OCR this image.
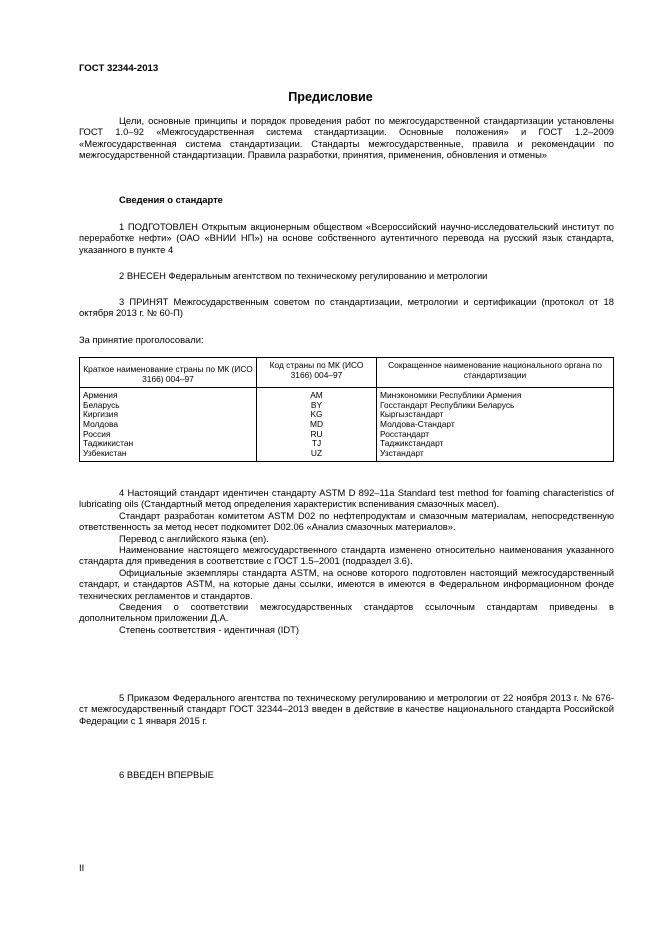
ГОСТ 32344-2013
Предисловие
Цели, основные принципы и порядок проведения работ по межгосударственной стандартизации установлены ГОСТ 1.0–92 «Межгосударственная система стандартизации. Основные положения» и ГОСТ 1.2–2009 «Межгосударственная система стандартизации. Стандарты межгосударственные, правила и рекомендации по межгосударственной стандартизации. Правила разработки, принятия, применения, обновления и отмены»
Сведения о стандарте
1 ПОДГОТОВЛЕН Открытым акционерным обществом «Всероссийский научно-исследовательский институт по переработке нефти» (ОАО «ВНИИ НП») на основе собственного аутентичного перевода на русский язык стандарта, указанного в пункте 4
2 ВНЕСЕН Федеральным агентством по техническому регулированию и метрологии
3 ПРИНЯТ Межгосударственным советом по стандартизации, метрологии и сертификации (протокол от 18 октября 2013 г. № 60-П)
За принятие проголосовали:
Краткое наименование страны по МК (ИСО 3166) 004–97	Код страны по МК (ИСО 3166) 004–97	Сокращенное наименование национального органа по стандартизации
Армения	AM	Минэкономики Республики Армения
Беларусь	BY	Госстандарт Республики Беларусь
Киргизия	KG	Кыргызстандарт
Молдова	MD	Молдова-Стандарт
Россия	RU	Росстандарт
Таджикистан	TJ	Таджикстандарт
Узбекистан	UZ	Узстандарт
4 Настоящий стандарт идентичен стандарту ASTM D 892–11a Standard test method for foaming characteristics of lubricating oils (Стандартный метод определения характеристик вспенивания смазочных масел).
Стандарт разработан комитетом ASTM D02 по нефтепродуктам и смазочным материалам, непосредственную ответственность за метод несет подкомитет D02.06 «Анализ смазочных материалов».
Перевод с английского языка (en).
Наименование настоящего межгосударственного стандарта изменено относительно наименования указанного стандарта для приведения в соответствие с ГОСТ 1.5–2001 (подраздел 3.6).
Официальные экземпляры стандарта ASTM, на основе которого подготовлен настоящий межгосударственный стандарт, и стандартов ASTM, на которые даны ссылки, имеются в имеются в Федеральном информационном фонде технических регламентов и стандартов.
Сведения о соответствии межгосударственных стандартов ссылочным стандартам приведены в дополнительном приложении Д.А.
Степень соответствия - идентичная (IDT)
5 Приказом Федерального агентства по техническому регулированию и метрологии от 22 ноября 2013 г. № 676-ст межгосударственный стандарт ГОСТ 32344–2013 введен в действие в качестве национального стандарта Российской Федерации с 1 января 2015 г.
6 ВВЕДЕН ВПЕРВЫЕ
II
